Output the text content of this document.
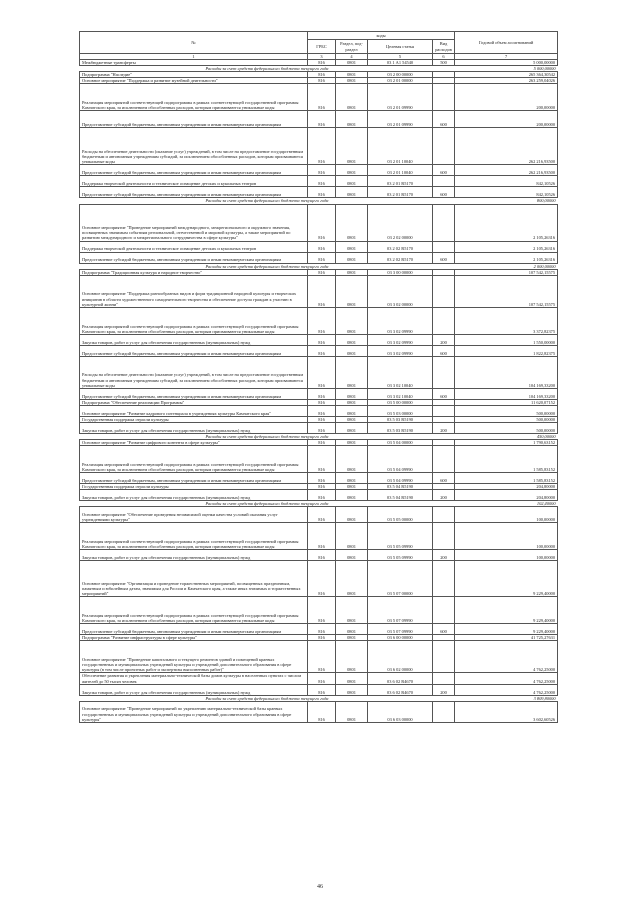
№	коды				Годовой объем ассигнований
	ГРБС	Раздел, под- раздел	Целевая статья	Вид расходов	
1	3	4	5	6	7
Межбюджетные трансферты	816	0801	03 1 А1 54540	500	5 000,00000
Расходы за счет средств федерального бюджета текущего года					5 000,00000
Подпрограмма "Наследие"	816	0801	03 2 00 00000		265 364,30542
Основное мероприятие "Поддержка и развитие музейной деятельности"	816	0801	03 2 01 00000		263 259,04026
Реализация мероприятий соответствующей подпрограммы в рамках соответствующей государственной программы Камчатского края, за исключением обособленных расходов, которым присваиваются уникальные коды	816	0801	03 2 01 09990		200,00000
Предоставление субсидий бюджетным, автономным учреждениям и иным некоммерческим организациям	816	0801	03 2 01 09990	600	200,00000
Расходы на обеспечение деятельности (оказание услуг) учреждений, в том числе на предоставление государственным бюджетным и автономным учреждениям субсидий, за исключением обособленных расходов, которым присваиваются уникальные коды	816	0801	03 2 01 10040		262 216,93500
Предоставление субсидий бюджетным, автономным учреждениям и иным некоммерческим организациям	816	0801	03 2 01 10040	600	262 216,93500
Поддержка творческой деятельности и техническое оснащение детских и кукольных театров	816	0801	03 2 01 R5170		842,10526
Предоставление субсидий бюджетным, автономным учреждениям и иным некоммерческим организациям	816	0801	03 2 01 R5170	600	842,10526
Расходы за счет средств федерального бюджета текущего года					800,00000
Основное мероприятие "Проведение мероприятий международного, межрегионального и окружного значения, посвященных значимым событиям региональной, отечественной и мировой культуры, а также мероприятий по развитию международного и межрегионального сотрудничества в сфере культуры"	816	0801	03 2 02 00000		2 105,26316
Поддержка творческой деятельности и техническое оснащение детских и кукольных театров	816	0801	03 2 02 R5170		2 105,26316
Предоставление субсидий бюджетным, автономным учреждениям и иным некоммерческим организациям	816	0801	03 2 02 R5170	600	2 105,26316
Расходы за счет средств федерального бюджета текущего года					2 000,00000
Подпрограмма "Традиционная культура и народное творчество"	816	0801	03 3 00 00000		107 542,15575
Основное мероприятие "Поддержка разнообразных видов и форм традиционной народной культуры и творческих инициатив в области художественного самодеятельного творчества и обеспечение доступа граждан к участию в культурной жизни"	816	0801	03 3 02 00000		107 542,15575
Реализация мероприятий соответствующей подпрограммы в рамках соответствующей государственной программы Камчатского края, за исключением обособленных расходов, которым присваиваются уникальные коды	816	0801	03 3 02 09990		3 372,82375
Закупка товаров, работ и услуг для обеспечения государственных (муниципальных) нужд	816	0801	03 3 02 09990	200	1 550,00000
Предоставление субсидий бюджетным, автономным учреждениям и иным некоммерческим организациям	816	0801	03 3 02 09990	600	1 822,82375
Расходы на обеспечение деятельности (оказание услуг) учреждений, в том числе на предоставление государственным бюджетным и автономным учреждениям субсидий, за исключением обособленных расходов, которым присваиваются уникальные коды	816	0801	03 3 02 10040		104 169,33200
Предоставление субсидий бюджетным, автономным учреждениям и иным некоммерческим организациям	816	0801	03 3 02 10040	600	104 169,33200
Подпрограмма "Обеспечение реализации Программы"	816	0801	03 5 00 00000		11 620,07152
Основное мероприятие "Развитие кадрового потенциала в учреждениях культуры Камчатского края"	816	0801	03 5 03 00000		500,00000
Государственная поддержка отрасли культуры	816	0801	03 5 03 R5190		500,00000
Закупка товаров, работ и услуг для обеспечения государственных (муниципальных) нужд	816	0801	03 5 03 R5190	200	500,00000
Расходы за счет средств федерального бюджета текущего года					450,00000
Основное мероприятие "Развитие цифрового контента в сфере культуры"	816	0801	03 5 04 00000		1 790,63152
Реализация мероприятий соответствующей подпрограммы в рамках соответствующей государственной программы Камчатского края, за исключением обособленных расходов, которым присваиваются уникальные коды	816	0801	03 5 04 09990		1 585,83152
Предоставление субсидий бюджетным, автономным учреждениям и иным некоммерческим организациям	816	0801	03 5 04 09990	600	1 585,83152
Государственная поддержка отрасли культуры	816	0801	03 5 04 R5190		204,80000
Закупка товаров, работ и услуг для обеспечения государственных (муниципальных) нужд	816	0801	03 5 04 R5190	200	204,80000
Расходы за счет средств федерального бюджета текущего года					102,40000
Основное мероприятие "Обеспечение проведения независимой оценки качества условий оказания услуг учреждениями культуры"	816	0801	03 5 05 00000		100,00000
Реализация мероприятий соответствующей подпрограммы в рамках соответствующей государственной программы Камчатского края, за исключением обособленных расходов, которым присваиваются уникальные коды	816	0801	03 5 05 09990		100,00000
Закупка товаров, работ и услуг для обеспечения государственных (муниципальных) нужд	816	0801	03 5 05 09990	200	100,00000
Основное мероприятие "Организация и проведение торжественных мероприятий, посвященных праздничным, памятным и юбилейным датам, значимым для России и Камчатского края, а также иных значимых и торжественных мероприятий"	816	0801	03 5 07 00000		9 229,40000
Реализация мероприятий соответствующей подпрограммы в рамках соответствующей государственной программы Камчатского края, за исключением обособленных расходов, которым присваиваются уникальные коды	816	0801	03 5 07 09990		9 229,40000
Предоставление субсидий бюджетным, автономным учреждениям и иным некоммерческим организациям	816	0801	03 5 07 09990	600	9 229,40000
Подпрограмма "Развитие инфраструктуры в сфере культуры"	816	0801	03 6 00 00000		41 725,27631
Основное мероприятие "Проведение капитального и текущего ремонтов зданий и помещений краевых государственных и муниципальных учреждений культуры и учреждений дополнительного образования в сфере культуры (в том числе проектных работ и экспертизы выполненных работ)"	816	0801	03 6 02 00000		4 762,25000
Обеспечение развития и укрепления материально-технической базы домов культуры в населенных пунктах с числом жителей до 50 тысяч человек	816	0801	03 6 02 R4670		4 762,25000
Закупка товаров, работ и услуг для обеспечения государственных (муниципальных) нужд	816	0801	03 6 02 R4670	200	4 762,25000
Расходы за счет средств федерального бюджета текущего года					3 809,80000
Основное мероприятие "Проведение мероприятий по укреплению материально-технической базы краевых государственных и муниципальных учреждений культуры и учреждений дополнительного образования в сфере культуры"	816	0801	03 6 03 00000		3 602,60526
46
